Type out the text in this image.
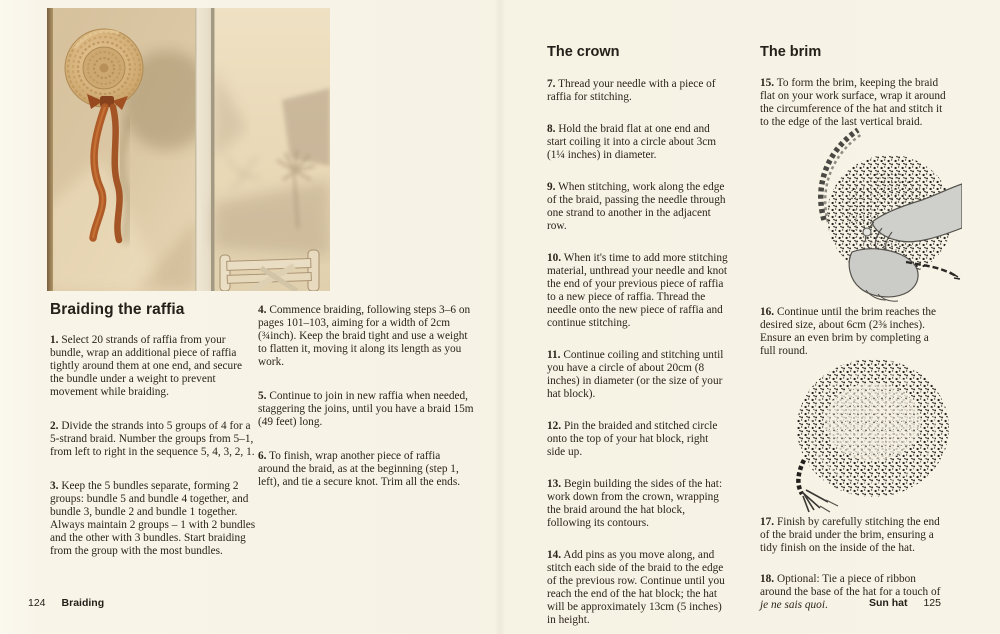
Braiding the raffia

1. Select 20 strands of raffia from your bundle, wrap an additional piece of raffia tightly around them at one end, and secure the bundle under a weight to prevent movement while braiding.

2. Divide the strands into 5 groups of 4 for a 5-strand braid. Number the groups from 5–1, from left to right in the sequence 5, 4, 3, 2, 1.

3. Keep the 5 bundles separate, forming 2 groups: bundle 5 and bundle 4 together, and bundle 3, bundle 2 and bundle 1 together. Always maintain 2 groups – 1 with 2 bundles and the other with 3 bundles. Start braiding from the group with the most bundles.

4. Commence braiding, following steps 3–6 on pages 101–103, aiming for a width of 2cm (¾inch). Keep the braid tight and use a weight to flatten it, moving it along its length as you work.

5. Continue to join in new raffia when needed, staggering the joins, until you have a braid 15m (49 feet) long.

6. To finish, wrap another piece of raffia around the braid, as at the beginning (step 1, left), and tie a secure knot. Trim all the ends.

124 Braiding
The crown

7. Thread your needle with a piece of raffia for stitching.

8. Hold the braid flat at one end and start coiling it into a circle about 3cm (1¼ inches) in diameter.

9. When stitching, work along the edge of the braid, passing the needle through one strand to another in the adjacent row.

10. When it's time to add more stitching material, unthread your needle and knot the end of your previous piece of raffia to a new piece of raffia. Thread the needle onto the new piece of raffia and continue stitching.

11. Continue coiling and stitching until you have a circle of about 20cm (8 inches) in diameter (or the size of your hat block).

12. Pin the braided and stitched circle onto the top of your hat block, right side up.

13. Begin building the sides of the hat: work down from the crown, wrapping the braid around the hat block, following its contours.

14. Add pins as you move along, and stitch each side of the braid to the edge of the previous row. Continue until you reach the end of the hat block; the hat will be approximately 13cm (5 inches) in height.

The brim

15. To form the brim, keeping the braid flat on your work surface, wrap it around the circumference of the hat and stitch it to the edge of the last vertical braid.

16. Continue until the brim reaches the desired size, about 6cm (2⅜ inches). Ensure an even brim by completing a full round.

17. Finish by carefully stitching the end of the braid under the brim, ensuring a tidy finish on the inside of the hat.

18. Optional: Tie a piece of ribbon around the base of the hat for a touch of je ne sais quoi.	Sun hat 125
